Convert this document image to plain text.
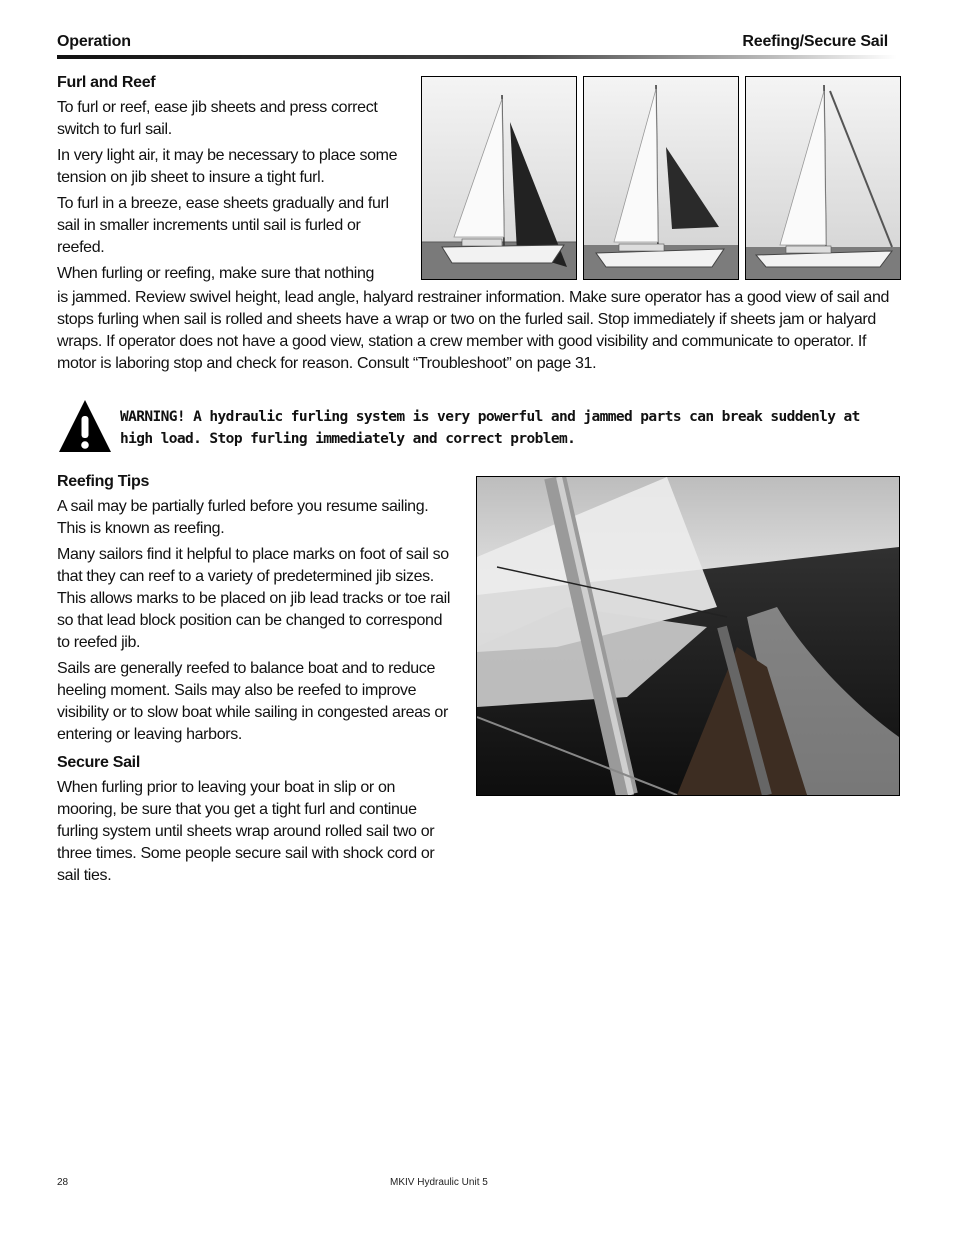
Operation	Reefing/Secure Sail
Furl and Reef

To furl or reef, ease jib sheets and press correct switch to furl sail.

In very light air, it may be necessary to place some tension on jib sheet to insure a tight furl.

To furl in a breeze, ease sheets gradually and furl sail in smaller increments until sail is furled or reefed.

When furling or reefing, make sure that nothing

is jammed. Review swivel height, lead angle, halyard restrainer information. Make sure operator has a good view of sail and stops furling when sail is rolled and sheets have a wrap or two on the furled sail. Stop immediately if sheets jam or halyard wraps. If operator does not have a good view, station a crew member with good visibility and communicate to operator. If motor is laboring stop and check for reason. Consult “Troubleshoot” on page 31.

WARNING! A hydraulic furling system is very powerful and jammed parts can break suddenly at high load. Stop furling immediately and correct problem.
Reefing Tips

A sail may be partially furled before you resume sailing. This is known as reefing.

Many sailors find it helpful to place marks on foot of sail so that they can reef to a variety of predetermined jib sizes. This allows marks to be placed on jib lead tracks or toe rail so that lead block position can be changed to correspond to reefed jib.

Sails are generally reefed to balance boat and to reduce heeling moment. Sails may also be reefed to improve visibility or to slow boat while sailing in congested areas or entering or leaving harbors.

Secure Sail

When furling prior to leaving your boat in slip or on mooring, be sure that you get a tight furl and continue furling system until sheets wrap around rolled sail two or three times. Some people secure sail with shock cord or sail ties.

28	MKIV Hydraulic Unit 5
